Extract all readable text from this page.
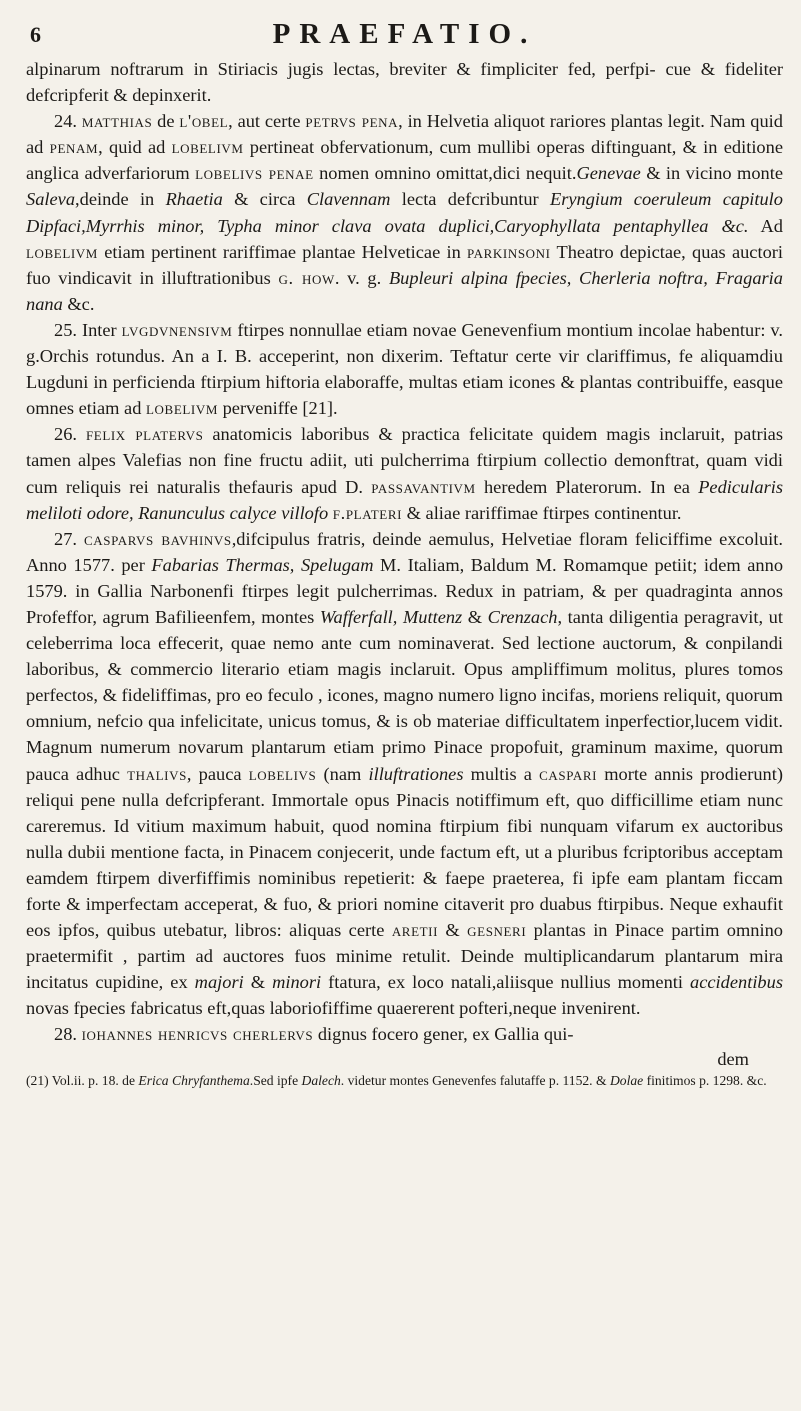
6	PRAEFATIO.

alpinarum noftrarum in Stiriacis jugis lectas, breviter & fimpliciter fed, perfpi- cue & fideliter defcripferit & depinxerit.

24. matthias de l'obel, aut certe petrvs pena, in Helvetia aliquot rariores plantas legit. Nam quid ad penam, quid ad lobelivm pertineat obfervationum, cum mullibi operas diftinguant, & in editione anglica adverfariorum lobelivs penae nomen omnino omittat,dici nequit.Genevae & in vicino monte Saleva,deinde in Rhaetia & circa Clavennam lecta defcribuntur Eryngium coeruleum capitulo Dipfaci,Myrrhis minor, Typha minor clava ovata duplici,Caryophyllata pentaphyllea &c. Ad lobelivm etiam pertinent rariffimae plantae Helveticae in parkinsoni Theatro depictae, quas auctori fuo vindicavit in illuftrationibus g. how. v. g. Bupleuri alpina fpecies, Cherleria noftra, Fragaria nana &c.

25. Inter lvgdvnensivm ftirpes nonnullae etiam novae Genevenfium montium incolae habentur: v. g.Orchis rotundus. An a I. B. acceperint, non dixerim. Teftatur certe vir clariffimus, fe aliquamdiu Lugduni in perficienda ftirpium hiftoria elaboraffe, multas etiam icones & plantas contribuiffe, easque omnes etiam ad lobelivm perveniffe [21].

26. felix platervs anatomicis laboribus & practica felicitate quidem magis inclaruit, patrias tamen alpes Valefias non fine fructu adiit, uti pulcherrima ftirpium collectio demonftrat, quam vidi cum reliquis rei naturalis thefauris apud D. passavantivm heredem Platerorum. In ea Pedicularis meliloti odore, Ranunculus calyce villofo f.plateri & aliae rariffimae ftirpes continentur.

27. casparvs bavhinvs,difcipulus fratris, deinde aemulus, Helvetiae floram feliciffime excoluit. Anno 1577. per Fabarias Thermas, Spelugam M. Italiam, Baldum M. Romamque petiit; idem anno 1579. in Gallia Narbonenfi ftirpes legit pulcherrimas. Redux in patriam, & per quadraginta annos Profeffor, agrum Bafilieenfem, montes Wafferfall, Muttenz & Crenzach, tanta diligentia peragravit, ut celeberrima loca effecerit, quae nemo ante cum nominaverat. Sed lectione auctorum, & conpilandi laboribus, & commercio literario etiam magis inclaruit. Opus ampliffimum molitus, plures tomos perfectos, & fideliffimas, pro eo feculo , icones, magno numero ligno incifas, moriens reliquit, quorum omnium, nefcio qua infelicitate, unicus tomus, & is ob materiae difficultatem inperfectior,lucem vidit. Magnum numerum novarum plantarum etiam primo Pinace propofuit, graminum maxime, quorum pauca adhuc thalivs, pauca lobelivs (nam illuftrationes multis a caspari morte annis prodierunt) reliqui pene nulla defcripferant. Immortale opus Pinacis notiffimum eft, quo difficillime etiam nunc careremus. Id vitium maximum habuit, quod nomina ftirpium fibi nunquam vifarum ex auctoribus nulla dubii mentione facta, in Pinacem conjecerit, unde factum eft, ut a pluribus fcriptoribus acceptam eamdem ftirpem diverfiffimis nominibus repetierit: & faepe praeterea, fi ipfe eam plantam ficcam forte & imperfectam acceperat, & fuo, & priori nomine citaverit pro duabus ftirpibus. Neque exhaufit eos ipfos, quibus utebatur, libros: aliquas certe aretii & gesneri plantas in Pinace partim omnino praetermifit , partim ad auctores fuos minime retulit. Deinde multiplicandarum plantarum mira incitatus cupidine, ex majori & minori ftatura, ex loco natali,aliisque nullius momenti accidentibus novas fpecies fabricatus eft,quas laboriofiffime quaererent pofteri,neque invenirent.

28. iohannes henricvs cherlervs dignus focero gener, ex Gallia qui-

dem
(21) Vol.ii. p. 18. de Erica Chryfanthema.Sed ipfe Dalech. videtur montes Genevenfes falutaffe p. 1152. & Dolae finitimos p. 1298. &c.
